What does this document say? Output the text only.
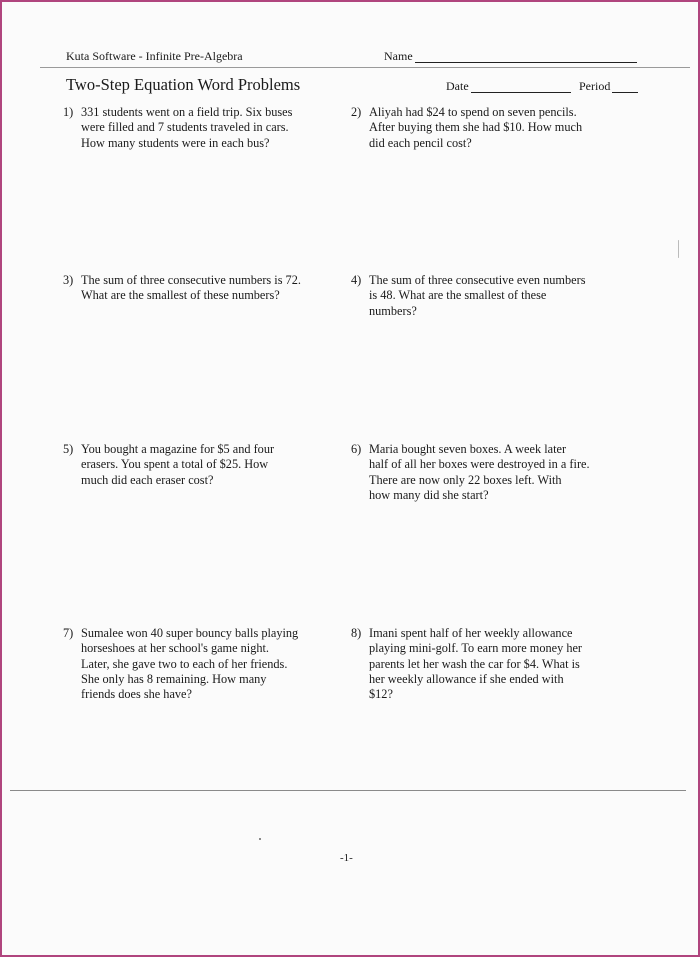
Kuta Software - Infinite Pre-Algebra	Name
Two-Step Equation Word Problems	Date	Period
1) 331 students went on a field trip. Six buses
were filled and 7 students traveled in cars.
How many students were in each bus?
2) Aliyah had $24 to spend on seven pencils.
After buying them she had $10. How much
did each pencil cost?
3) The sum of three consecutive numbers is 72.
What are the smallest of these numbers?
4) The sum of three consecutive even numbers
is 48. What are the smallest of these
numbers?
5) You bought a magazine for $5 and four
erasers. You spent a total of $25. How
much did each eraser cost?
6) Maria bought seven boxes. A week later
half of all her boxes were destroyed in a fire.
There are now only 22 boxes left. With
how many did she start?
7) Sumalee won 40 super bouncy balls playing
horseshoes at her school's game night.
Later, she gave two to each of her friends.
She only has 8 remaining. How many
friends does she have?
8) Imani spent half of her weekly allowance
playing mini-golf. To earn more money her
parents let her wash the car for $4. What is
her weekly allowance if she ended with
$12?
-1-
